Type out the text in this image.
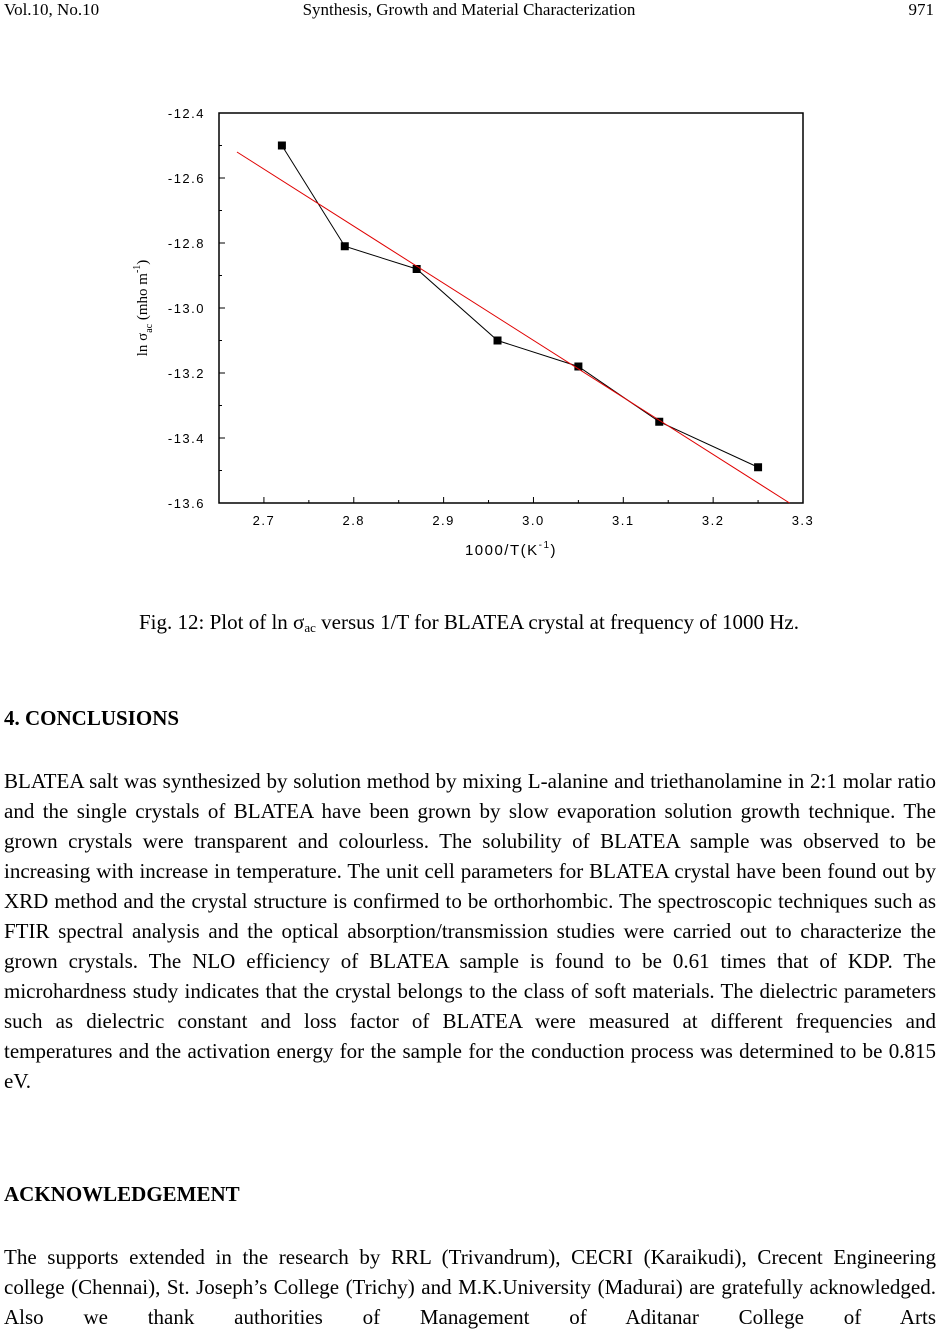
Vol.10, No.10	Synthesis, Growth and Material Characterization	971
2.7	2.8	2.9	3.0	3.1	3.2	3.3
-12.4
-12.6
-12.8
-13.0
-13.2
-13.4
-13.6
$1000/T(K^{-1})$
$\ln \sigma_{ac}$ (mho $m^{-1}$)
Fig. 12: Plot of $\ln \sigma_{ac}$ versus 1/T for BLATEA crystal at frequency of 1000 Hz.
4. CONCLUSIONS
BLATEA salt was synthesized by solution method by mixing L-alanine and triethanolamine in 2:1 molar ratio and the single crystals of BLATEA have been grown by slow evaporation solution growth technique. The grown crystals were transparent and colourless. The solubility of BLATEA sample was observed to be increasing with increase in temperature. The unit cell parameters for BLATEA crystal have been found out by XRD method and the crystal structure is confirmed to be orthorhombic. The spectroscopic techniques such as FTIR spectral analysis and the optical absorption/transmission studies were carried out to characterize the grown crystals. The NLO efficiency of BLATEA sample is found to be 0.61 times that of KDP. The microhardness study indicates that the crystal belongs to the class of soft materials. The dielectric parameters such as dielectric constant and loss factor of BLATEA were measured at different frequencies and temperatures and the activation energy for the sample for the conduction process was determined to be 0.815 eV.
ACKNOWLEDGEMENT
The supports extended in the research by RRL (Trivandrum), CECRI (Karaikudi), Crecent Engineering college (Chennai), St. Joseph’s College (Trichy) and M.K.University (Madurai) are gratefully acknowledged. Also we thank authorities of Management of Aditanar College of Arts
